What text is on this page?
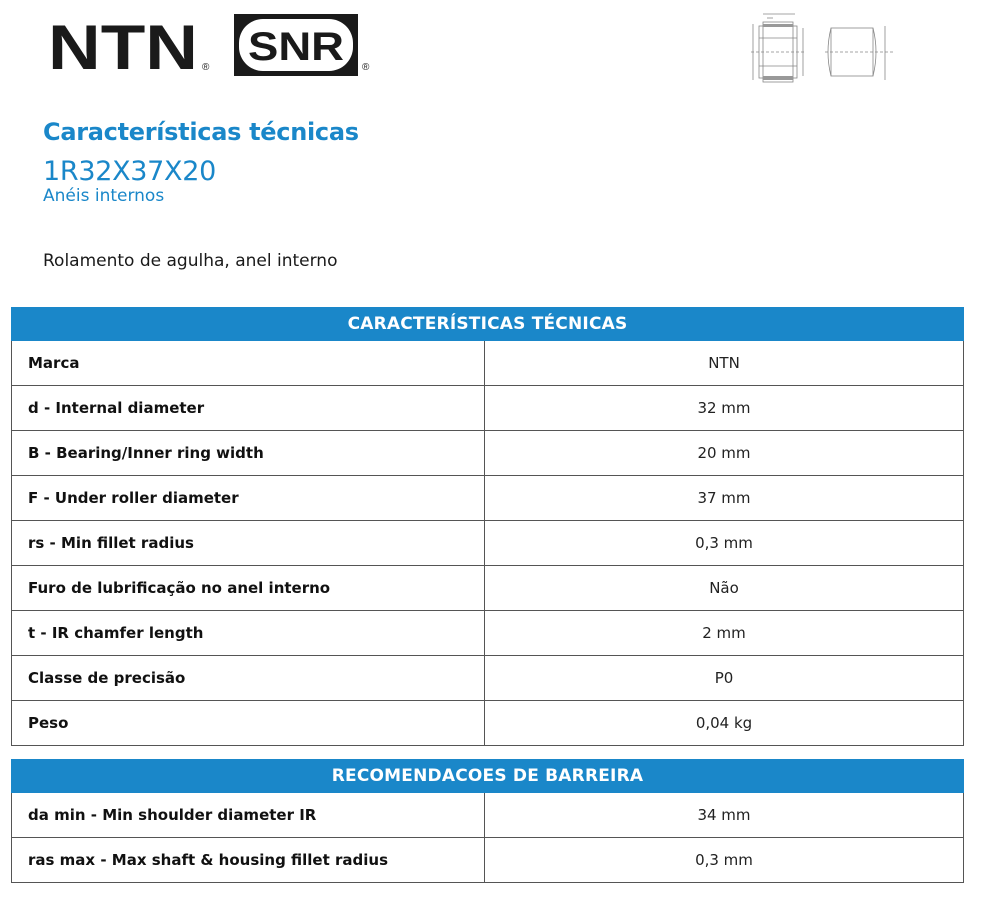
NTN SNR ®
®
Características técnicas
1R32X37X20
Anéis internos
Rolamento de agulha, anel interno
CARACTERÍSTICAS TÉCNICAS	
Marca	NTN
d - Internal diameter	32 mm
B - Bearing/Inner ring width	20 mm
F - Under roller diameter	37 mm
rs - Min fillet radius	0,3 mm
Furo de lubrificação no anel interno	Não
t - IR chamfer length	2 mm
Classe de precisão	P0
Peso	0,04 kg
RECOMENDACOES DE BARREIRA	
da min - Min shoulder diameter IR	34 mm
ras max - Max shaft & housing fillet radius	0,3 mm
